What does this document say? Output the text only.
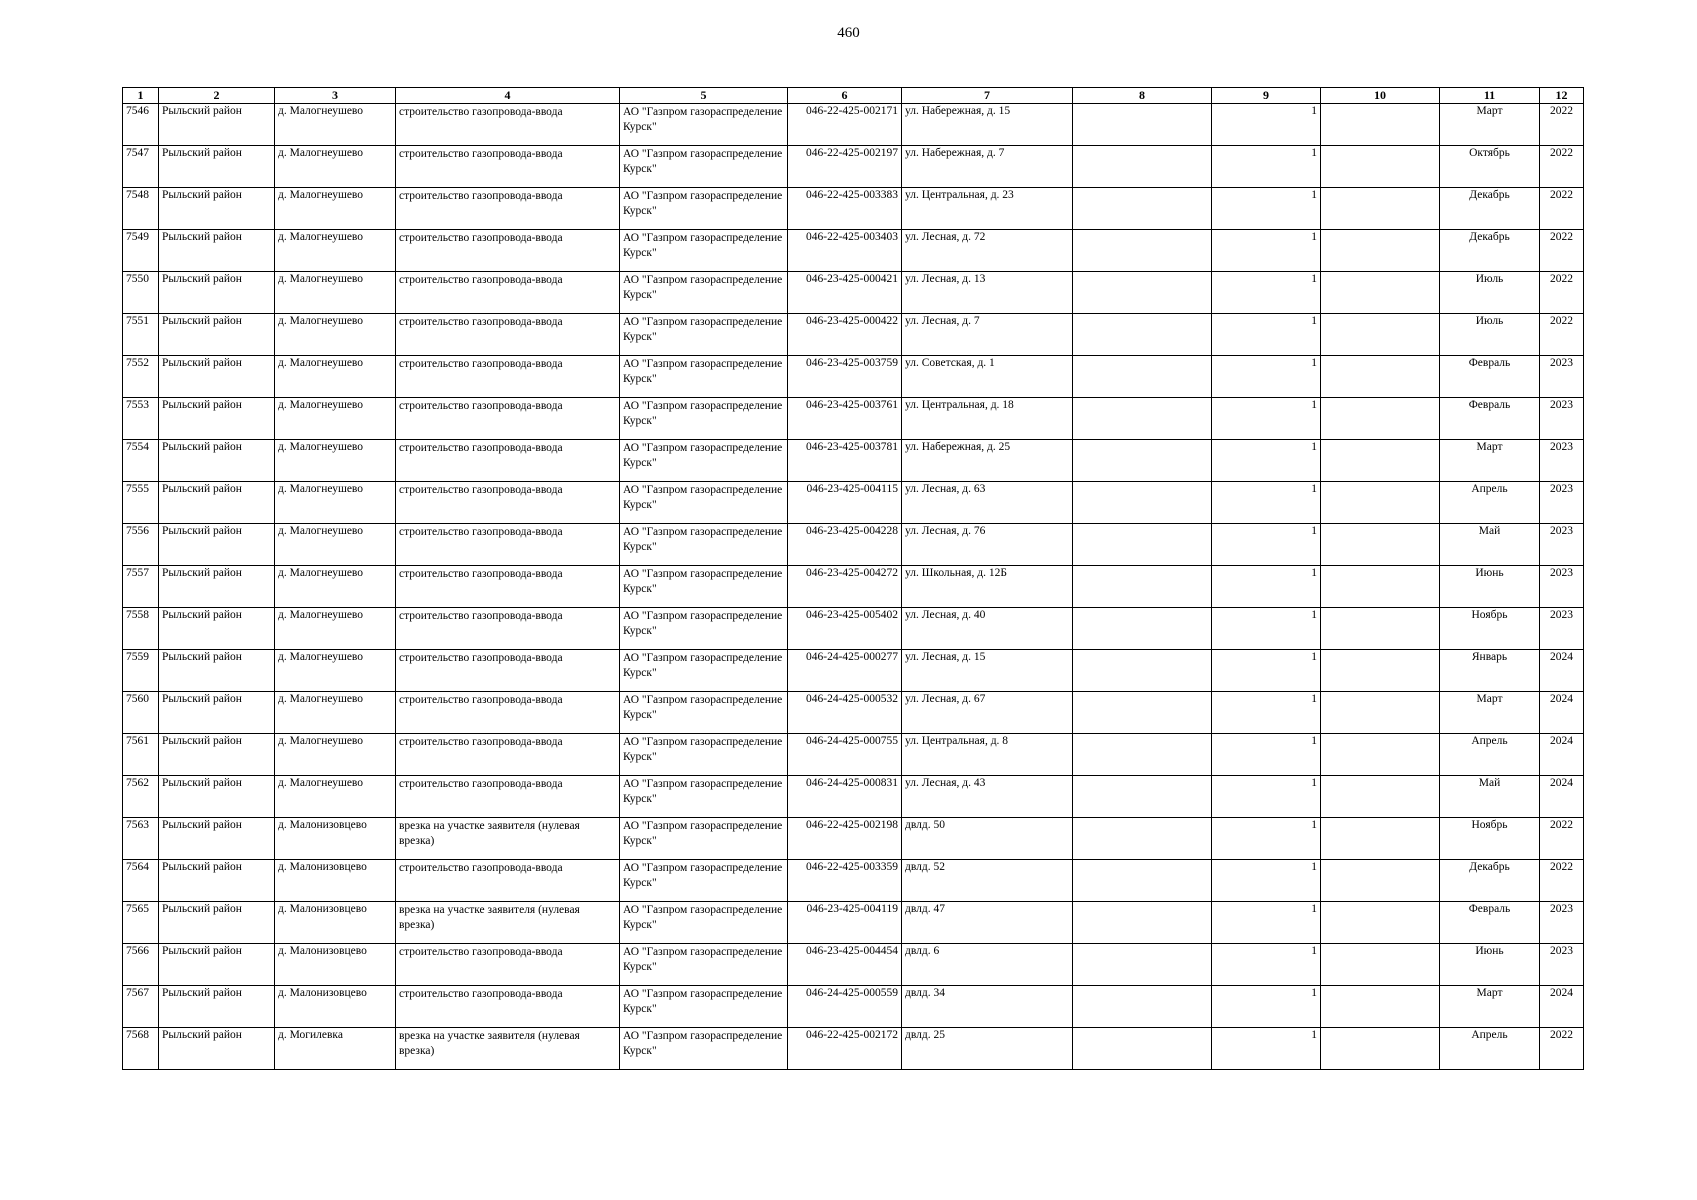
460
1	2	3	4	5	6	7	8	9	10	11	12
7546	Рыльский район	д. Малогнеушево	строительство газопровода-ввода	АО "Газпром газораспределение Курск"	046-22-425-002171	ул. Набережная, д. 15		1		Март	2022
7547	Рыльский район	д. Малогнеушево	строительство газопровода-ввода	АО "Газпром газораспределение Курск"	046-22-425-002197	ул. Набережная, д. 7		1		Октябрь	2022
7548	Рыльский район	д. Малогнеушево	строительство газопровода-ввода	АО "Газпром газораспределение Курск"	046-22-425-003383	ул. Центральная, д. 23		1		Декабрь	2022
7549	Рыльский район	д. Малогнеушево	строительство газопровода-ввода	АО "Газпром газораспределение Курск"	046-22-425-003403	ул. Лесная, д. 72		1		Декабрь	2022
7550	Рыльский район	д. Малогнеушево	строительство газопровода-ввода	АО "Газпром газораспределение Курск"	046-23-425-000421	ул. Лесная, д. 13		1		Июль	2022
7551	Рыльский район	д. Малогнеушево	строительство газопровода-ввода	АО "Газпром газораспределение Курск"	046-23-425-000422	ул. Лесная, д. 7		1		Июль	2022
7552	Рыльский район	д. Малогнеушево	строительство газопровода-ввода	АО "Газпром газораспределение Курск"	046-23-425-003759	ул. Советская, д. 1		1		Февраль	2023
7553	Рыльский район	д. Малогнеушево	строительство газопровода-ввода	АО "Газпром газораспределение Курск"	046-23-425-003761	ул. Центральная, д. 18		1		Февраль	2023
7554	Рыльский район	д. Малогнеушево	строительство газопровода-ввода	АО "Газпром газораспределение Курск"	046-23-425-003781	ул. Набережная, д. 25		1		Март	2023
7555	Рыльский район	д. Малогнеушево	строительство газопровода-ввода	АО "Газпром газораспределение Курск"	046-23-425-004115	ул. Лесная, д. 63		1		Апрель	2023
7556	Рыльский район	д. Малогнеушево	строительство газопровода-ввода	АО "Газпром газораспределение Курск"	046-23-425-004228	ул. Лесная, д. 76		1		Май	2023
7557	Рыльский район	д. Малогнеушево	строительство газопровода-ввода	АО "Газпром газораспределение Курск"	046-23-425-004272	ул. Школьная, д. 12Б		1		Июнь	2023
7558	Рыльский район	д. Малогнеушево	строительство газопровода-ввода	АО "Газпром газораспределение Курск"	046-23-425-005402	ул. Лесная, д. 40		1		Ноябрь	2023
7559	Рыльский район	д. Малогнеушево	строительство газопровода-ввода	АО "Газпром газораспределение Курск"	046-24-425-000277	ул. Лесная, д. 15		1		Январь	2024
7560	Рыльский район	д. Малогнеушево	строительство газопровода-ввода	АО "Газпром газораспределение Курск"	046-24-425-000532	ул. Лесная, д. 67		1		Март	2024
7561	Рыльский район	д. Малогнеушево	строительство газопровода-ввода	АО "Газпром газораспределение Курск"	046-24-425-000755	ул. Центральная, д. 8		1		Апрель	2024
7562	Рыльский район	д. Малогнеушево	строительство газопровода-ввода	АО "Газпром газораспределение Курск"	046-24-425-000831	ул. Лесная, д. 43		1		Май	2024
7563	Рыльский район	д. Малонизовцево	врезка на участке заявителя (нулевая врезка)	АО "Газпром газораспределение Курск"	046-22-425-002198	двлд. 50		1		Ноябрь	2022
7564	Рыльский район	д. Малонизовцево	строительство газопровода-ввода	АО "Газпром газораспределение Курск"	046-22-425-003359	двлд. 52		1		Декабрь	2022
7565	Рыльский район	д. Малонизовцево	врезка на участке заявителя (нулевая врезка)	АО "Газпром газораспределение Курск"	046-23-425-004119	двлд. 47		1		Февраль	2023
7566	Рыльский район	д. Малонизовцево	строительство газопровода-ввода	АО "Газпром газораспределение Курск"	046-23-425-004454	двлд. 6		1		Июнь	2023
7567	Рыльский район	д. Малонизовцево	строительство газопровода-ввода	АО "Газпром газораспределение Курск"	046-24-425-000559	двлд. 34		1		Март	2024
7568	Рыльский район	д. Могилевка	врезка на участке заявителя (нулевая врезка)	АО "Газпром газораспределение Курск"	046-22-425-002172	двлд. 25		1		Апрель	2022
